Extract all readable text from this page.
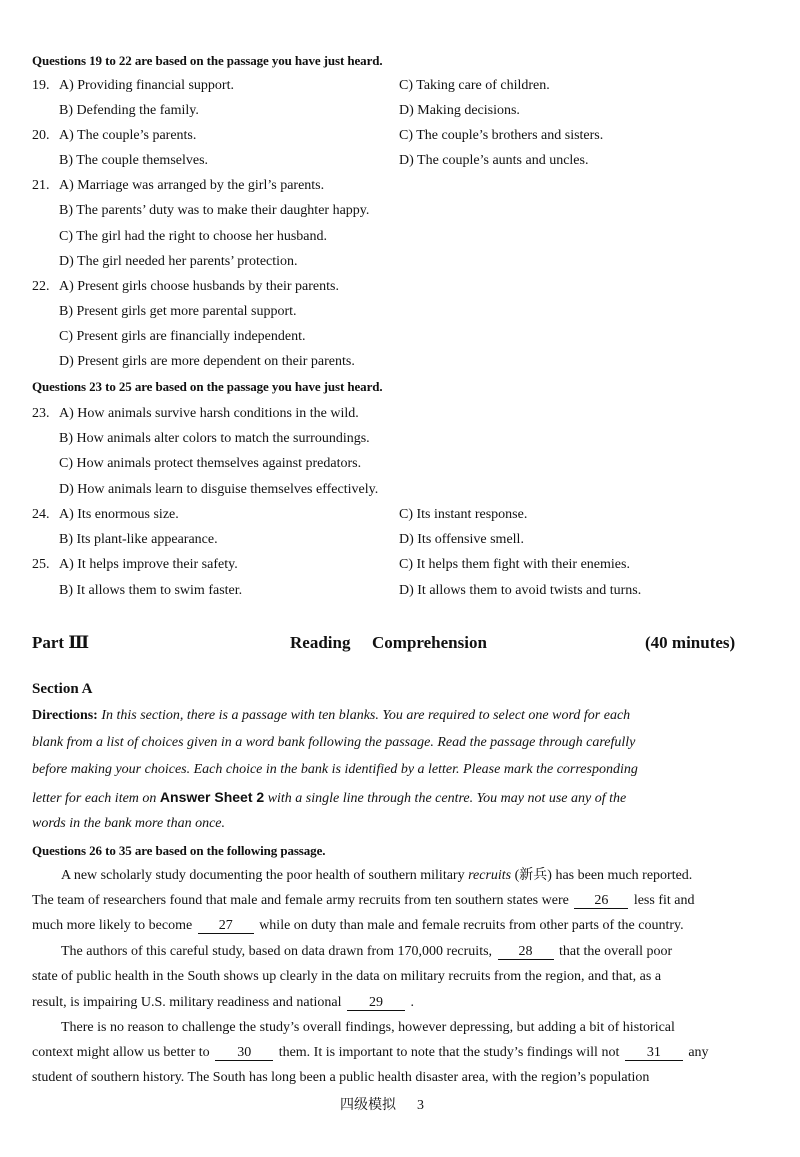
Questions 19 to 22 are based on the passage you have just heard.
19. A) Providing financial support.	C) Taking care of children.
B) Defending the family.	D) Making decisions.
20. A) The couple’s parents.	C) The couple’s brothers and sisters.
B) The couple themselves.	D) The couple’s aunts and uncles.
21. A) Marriage was arranged by the girl’s parents.
B) The parents’ duty was to make their daughter happy.
C) The girl had the right to choose her husband.
D) The girl needed her parents’ protection.
22. A) Present girls choose husbands by their parents.
B) Present girls get more parental support.
C) Present girls are financially independent.
D) Present girls are more dependent on their parents.
Questions 23 to 25 are based on the passage you have just heard.
23. A) How animals survive harsh conditions in the wild.
B) How animals alter colors to match the surroundings.
C) How animals protect themselves against predators.
D) How animals learn to disguise themselves effectively.
24. A) Its enormous size.	C) Its instant response.
B) Its plant-like appearance.	D) Its offensive smell.
25. A) It helps improve their safety.	C) It helps them fight with their enemies.
B) It allows them to swim faster.	D) It allows them to avoid twists and turns.
Part Ⅲ	Reading Comprehension	(40 minutes)
Section A
Directions: In this section, there is a passage with ten blanks. You are required to select one word for each
blank from a list of choices given in a word bank following the passage. Read the passage through carefully
before making your choices. Each choice in the bank is identified by a letter. Please mark the corresponding
letter for each item on Answer Sheet 2 with a single line through the centre. You may not use any of the
words in the bank more than once.
Questions 26 to 35 are based on the following passage.
A new scholarly study documenting the poor health of southern military recruits (新兵) has been much reported.
The team of researchers found that male and female army recruits from ten southern states were 26 less fit and
much more likely to become 27 while on duty than male and female recruits from other parts of the country.
The authors of this careful study, based on data drawn from 170,000 recruits, 28 that the overall poor
state of public health in the South shows up clearly in the data on military recruits from the region, and that, as a
result, is impairing U.S. military readiness and national 29 .
There is no reason to challenge the study’s overall findings, however depressing, but adding a bit of historical
context might allow us better to 30 them. It is important to note that the study’s findings will not 31 any
student of southern history. The South has long been a public health disaster area, with the region’s population
四级模拟 3
